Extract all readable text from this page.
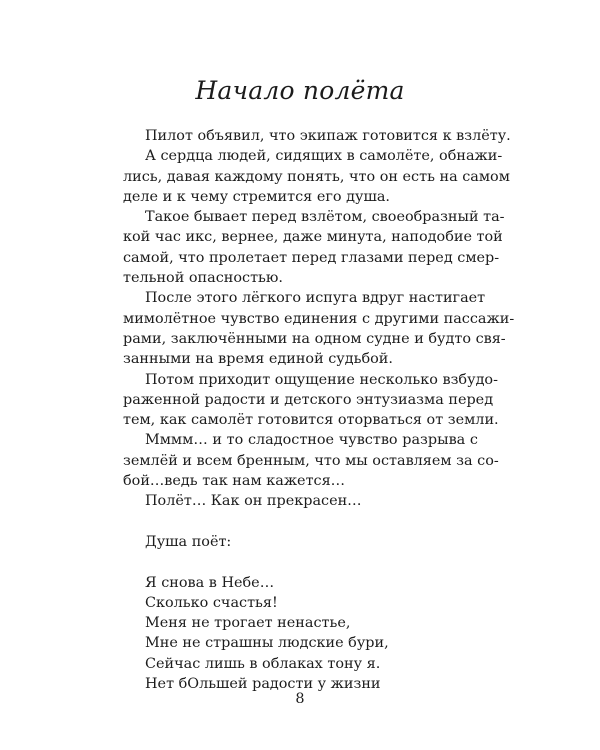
Начало полёта
Пилот объявил, что экипаж готовится к взлёту.
А сердца людей, сидящих в самолёте, обнажи-
лись, давая каждому понять, что он есть на самом
деле и к чему стремится его душа.
Такое бывает перед взлётом, своеобразный та-
кой час икс, вернее, даже минута, наподобие той
самой, что пролетает перед глазами перед смер-
тельной опасностью.
После этого лёгкого испуга вдруг настигает
мимолётное чувство единения с другими пассажи-
рами, заключёнными на одном судне и будто свя-
занными на время единой судьбой.
Потом приходит ощущение несколько взбудо-
раженной радости и детского энтузиазма перед
тем, как самолёт готовится оторваться от земли.
Мммм… и то сладостное чувство разрыва с
землёй и всем бренным, что мы оставляем за со-
бой…ведь так нам кажется…
Полёт… Как он прекрасен…
Душа поёт:
Я снова в Небе…
Сколько счастья!
Меня не трогает ненастье,
Мне не страшны людские бури,
Сейчас лишь в облаках тону я.
Нет бОльшей радости у жизни
8
